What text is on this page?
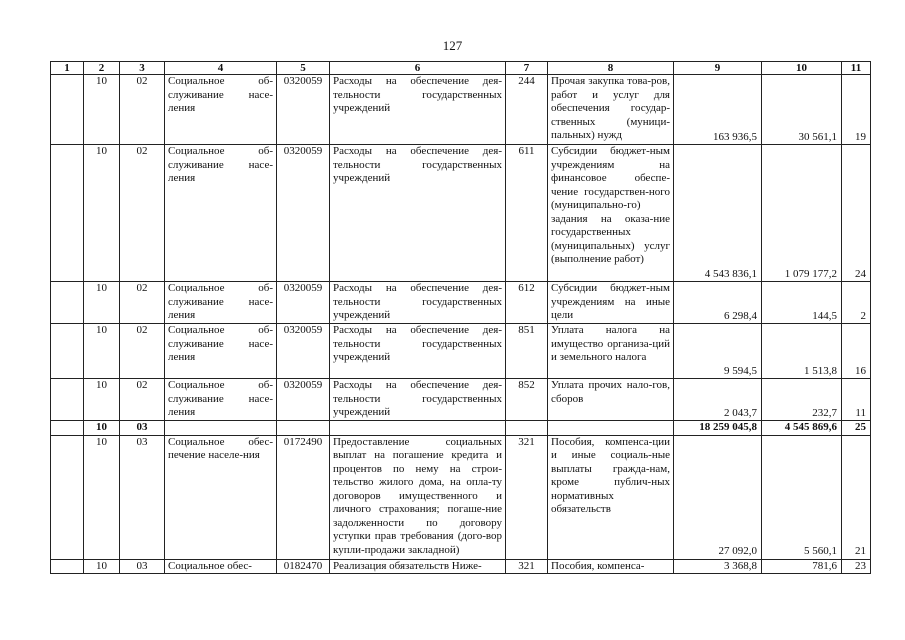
127
1	2	3	4	5	6	7	8	9	10	11
	10	02	Социальное об-служивание насе-ления	0320059	Расходы на обеспечение дея-тельности государственных учреждений	244	Прочая закупка това-ров, работ и услуг для обеспечения государ-ственных (муници-пальных) нужд	163 936,5	30 561,1	19
	10	02	Социальное об-служивание насе-ления	0320059	Расходы на обеспечение дея-тельности государственных учреждений	611	Субсидии бюджет-ным учреждениям на финансовое обеспе-чение государствен-ного (муниципально-го) задания на оказа-ние государственных (муниципальных) услуг (выполнение работ)	4 543 836,1	1 079 177,2	24
	10	02	Социальное об-служивание насе-ления	0320059	Расходы на обеспечение дея-тельности государственных учреждений	612	Субсидии бюджет-ным учреждениям на иные цели	6 298,4	144,5	2
	10	02	Социальное об-служивание насе-ления	0320059	Расходы на обеспечение дея-тельности государственных учреждений	851	Уплата налога на имущество организа-ций и земельного налога	9 594,5	1 513,8	16
	10	02	Социальное об-служивание насе-ления	0320059	Расходы на обеспечение дея-тельности государственных учреждений	852	Уплата прочих нало-гов, сборов	2 043,7	232,7	11
	10	03						18 259 045,8	4 545 869,6	25
	10	03	Социальное обес-печение населе-ния	0172490	Предоставление социальных выплат на погашение кредита и процентов по нему на строи-тельство жилого дома, на опла-ту договоров имущественного и личного страхования; погаше-ние задолженности по договору уступки прав требования (дого-вор купли-продажи закладной)	321	Пособия, компенса-ции и иные социаль-ные выплаты граждa-нам, кроме публич-ных нормативных обязательств	27 092,0	5 560,1	21
	10	03	Социальное обес-	0182470	Реализация обязательств Ниже-	321	Пособия, компенса-	3 368,8	781,6	23
